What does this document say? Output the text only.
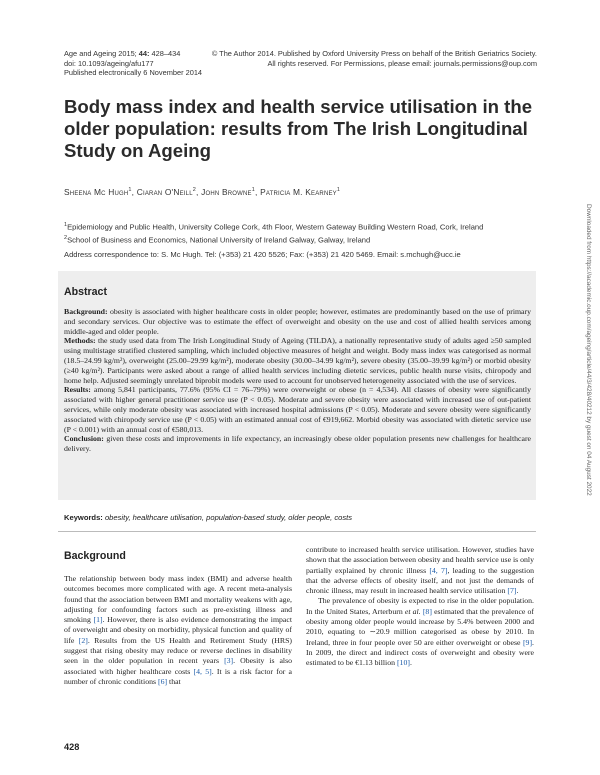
Age and Ageing 2015; 44: 428–434
doi: 10.1093/ageing/afu177
Published electronically 6 November 2014
© The Author 2014. Published by Oxford University Press on behalf of the British Geriatrics Society.
All rights reserved. For Permissions, please email: journals.permissions@oup.com
Body mass index and health service utilisation in the older population: results from The Irish Longitudinal Study on Ageing
Sheena Mc Hugh$^1$, Ciaran O'Neill$^2$, John Browne$^1$, Patricia M. Kearney$^1$
$^1$Epidemiology and Public Health, University College Cork, 4th Floor, Western Gateway Building Western Road, Cork, Ireland
$^2$School of Business and Economics, National University of Ireland Galway, Galway, Ireland
Address correspondence to: S. Mc Hugh. Tel: (+353) 21 420 5526; Fax: (+353) 21 420 5469. Email: s.mchugh@ucc.ie
Abstract

Background: obesity is associated with higher healthcare costs in older people; however, estimates are predominantly based on the use of primary and secondary services. Our objective was to estimate the effect of overweight and obesity on the use and cost of allied health services among middle-aged and older people.

Methods: the study used data from The Irish Longitudinal Study of Ageing (TILDA), a nationally representative study of adults aged ≥50 sampled using multistage stratified clustered sampling, which included objective measures of height and weight. Body mass index was categorised as normal (18.5–24.99 kg/m²), overweight (25.00–29.99 kg/m²), moderate obesity (30.00–34.99 kg/m²), severe obesity (35.00–39.99 kg/m²) or morbid obesity (≥40 kg/m²). Participants were asked about a range of allied health services including dietetic services, public health nurse visits, chiropody and home help. Adjusted seemingly unrelated biprobit models were used to account for unobserved heterogeneity associated with the use of services.

Results: among 5,841 participants, 77.6% (95% CI = 76–79%) were overweight or obese (n = 4,534). All classes of obesity were significantly associated with higher general practitioner service use (P < 0.05). Moderate and severe obesity were associated with increased use of out-patient services, while only moderate obesity was associated with increased hospital admissions (P < 0.05). Moderate and severe obesity were significantly associated with chiropody service use (P < 0.05) with an estimated annual cost of €919,662. Morbid obesity was associated with dietetic service use (P < 0.001) with an annual cost of €580,013.

Conclusion: given these costs and improvements in life expectancy, an increasingly obese older population presents new challenges for healthcare delivery.

Keywords: obesity, healthcare utilisation, population-based study, older people, costs
Background

The relationship between body mass index (BMI) and adverse health outcomes becomes more complicated with age. A recent meta-analysis found that the association between BMI and mortality weakens with age, adjusting for confounding factors such as pre-existing illness and smoking [1]. However, there is also evidence demonstrating the impact of overweight and obesity on morbidity, physical function and quality of life [2]. Results from the US Health and Retirement Study (HRS) suggest that rising obesity may reduce or reverse declines in disability seen in the older population in recent years [3]. Obesity is also associated with higher healthcare costs [4, 5]. It is a risk factor for a number of chronic conditions [6] that

contribute to increased health service utilisation. However, studies have shown that the association between obesity and health service use is only partially explained by chronic illness [4, 7], leading to the suggestion that the adverse effects of obesity itself, and not just the demands of chronic illness, may result in increased health service utilisation [7].

The prevalence of obesity is expected to rise in the older population. In the United States, Arterburn et al. [8] estimated that the prevalence of obesity among older people would increase by 5.4% between 2000 and 2010, equating to ∼20.9 million categorised as obese by 2010. In Ireland, three in four people over 50 are either overweight or obese [9]. In 2009, the direct and indirect costs of overweight and obesity were estimated to be €1.13 billion [10].

428
Downloaded from https://academic.oup.com/ageing/article/44/3/428/40212 by guest on 04 August 2022
